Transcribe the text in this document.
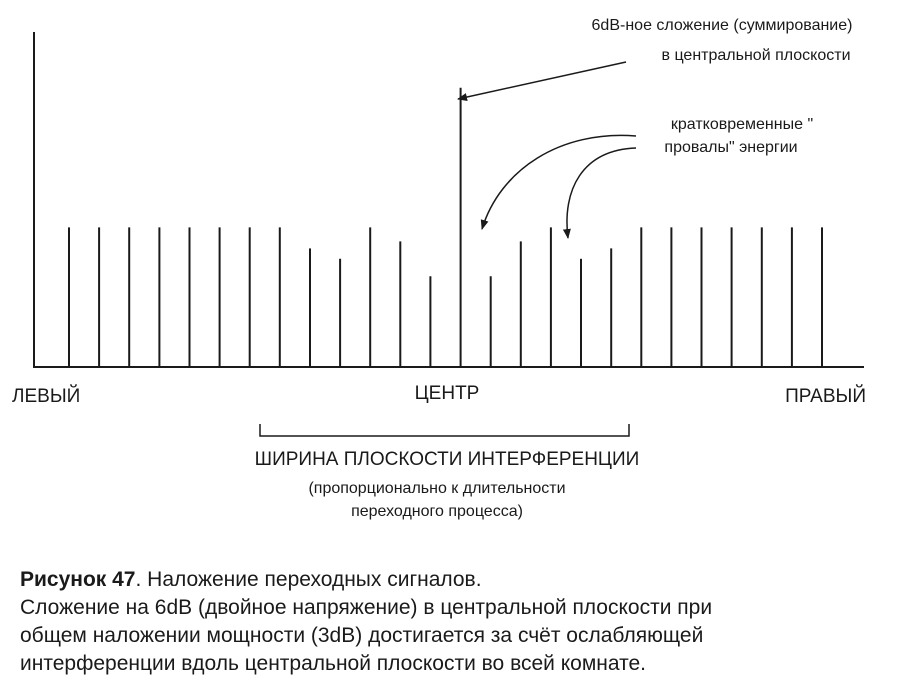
ЛЕВЫЙ	ЦЕНТР	ПРАВЫЙ
6dB-ное сложение (суммирование)
в центральной плоскости
кратковременные "
провалы" энергии
ШИРИНА ПЛОСКОСТИ ИНТЕРФЕРЕНЦИИ
(пропорционально к длительности
переходного процесса)
Рисунок 47. Наложение переходных сигналов.
Сложение на 6dB (двойное напряжение) в центральной плоскости при
общем наложении мощности (3dB) достигается за счёт ослабляющей
интерференции вдоль центральной плоскости во всей комнате.
